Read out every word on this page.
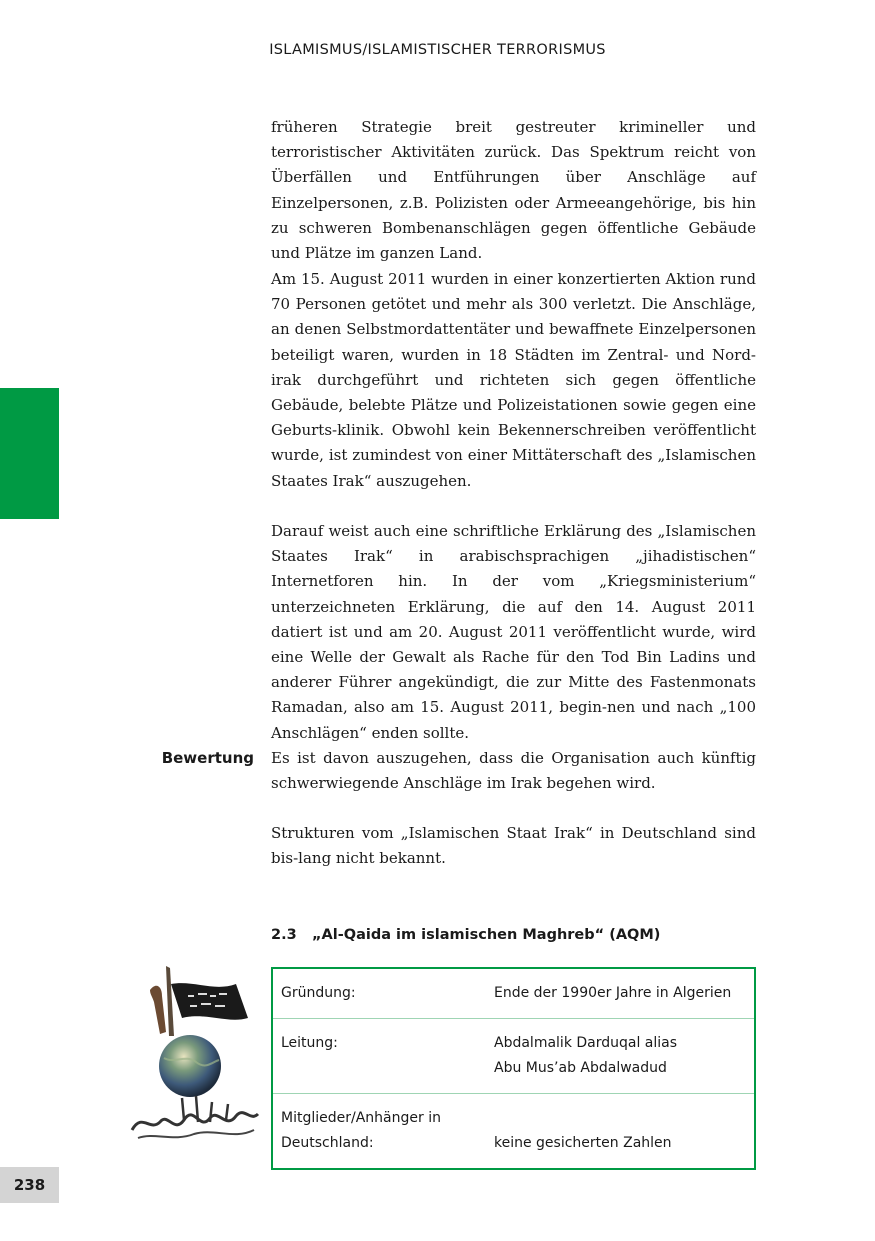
ISLAMISMUS/ISLAMISTISCHER TERRORISMUS
früheren Strategie breit gestreuter krimineller und terroristischer Aktivitäten zurück. Das Spektrum reicht von Überfällen und Entführungen über Anschläge auf Einzelpersonen, z.B. Polizisten oder Armeeangehörige, bis hin zu schweren Bombenanschlägen gegen öffentliche Gebäude und Plätze im ganzen Land.
Am 15. August 2011 wurden in einer konzertierten Aktion rund 70 Personen getötet und mehr als 300 verletzt. Die Anschläge, an denen Selbstmordattentäter und bewaffnete Einzelpersonen beteiligt waren, wurden in 18 Städten im Zentral- und Nord-irak durchgeführt und richteten sich gegen öffentliche Gebäude, belebte Plätze und Polizeistationen sowie gegen eine Geburts-klinik. Obwohl kein Bekennerschreiben veröffentlicht wurde, ist zumindest von einer Mittäterschaft des „Islamischen Staates Irak“ auszugehen.
Darauf weist auch eine schriftliche Erklärung des „Islamischen Staates Irak“ in arabischsprachigen „jihadistischen“ Internetforen hin. In der vom „Kriegsministerium“ unterzeichneten Erklärung, die auf den 14. August 2011 datiert ist und am 20. August 2011 veröffentlicht wurde, wird eine Welle der Gewalt als Rache für den Tod Bin Ladins und anderer Führer angekündigt, die zur Mitte des Fastenmonats Ramadan, also am 15. August 2011, begin-nen und nach „100 Anschlägen“ enden sollte.
Bewertung Es ist davon auszugehen, dass die Organisation auch künftig schwerwiegende Anschläge im Irak begehen wird.
Strukturen vom „Islamischen Staat Irak“ in Deutschland sind bis-lang nicht bekannt.
2.3 „Al-Qaida im islamischen Maghreb“ (AQM)
Gründung:	Ende der 1990er Jahre in Algerien
Leitung:	Abdalmalik Darduqal alias
Abu Mus’ab Abdalwadud
Mitglieder/Anhänger in
Deutschland:	keine gesicherten Zahlen
238
